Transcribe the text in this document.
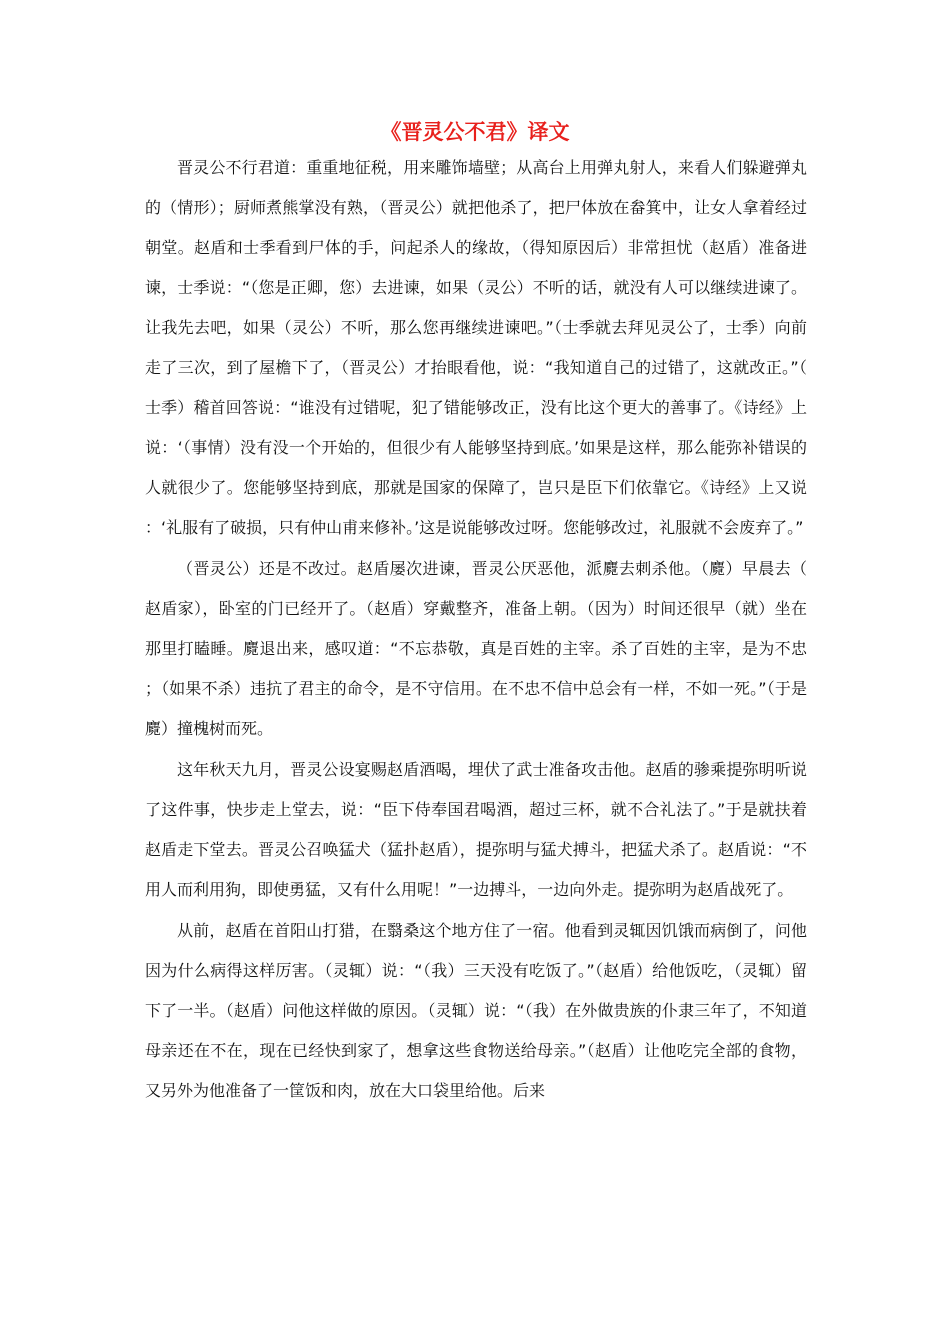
《晋灵公不君》译文

晋灵公不行君道：重重地征税，用来雕饰墙壁；从高台上用弹丸射人，来看人们躲避弹丸的（情形）；厨师煮熊掌没有熟，（晋灵公）就把他杀了，把尸体放在畚箕中，让女人拿着经过朝堂。赵盾和士季看到尸体的手，问起杀人的缘故，（得知原因后）非常担忧（赵盾）准备进谏，士季说：“（您是正卿，您）去进谏，如果（灵公）不听的话，就没有人可以继续进谏了。让我先去吧，如果（灵公）不听，那么您再继续进谏吧。”（士季就去拜见灵公了，士季）向前走了三次，到了屋檐下了，（晋灵公）才抬眼看他，说：“我知道自己的过错了，这就改正。”（士季）稽首回答说：“谁没有过错呢，犯了错能够改正，没有比这个更大的善事了。《诗经》上说：‘（事情）没有没一个开始的，但很少有人能够坚持到底。’如果是这样，那么能弥补错误的人就很少了。您能够坚持到底，那就是国家的保障了，岂只是臣下们依靠它。《诗经》上又说：‘礼服有了破损，只有仲山甫来修补。’这是说能够改过呀。您能够改过，礼服就不会废弃了。”

（晋灵公）还是不改过。赵盾屡次进谏，晋灵公厌恶他，派麑去刺杀他。（麑）早晨去（赵盾家），卧室的门已经开了。（赵盾）穿戴整齐，准备上朝。（因为）时间还很早（就）坐在那里打瞌睡。麑退出来，感叹道：“不忘恭敬，真是百姓的主宰。杀了百姓的主宰，是为不忠；（如果不杀）违抗了君主的命令，是不守信用。在不忠不信中总会有一样，不如一死。”（于是麑）撞槐树而死。

这年秋天九月，晋灵公设宴赐赵盾酒喝，埋伏了武士准备攻击他。赵盾的骖乘提弥明听说了这件事，快步走上堂去，说：“臣下侍奉国君喝酒，超过三杯，就不合礼法了。”于是就扶着赵盾走下堂去。晋灵公召唤猛犬（猛扑赵盾），提弥明与猛犬搏斗，把猛犬杀了。赵盾说：“不用人而利用狗，即使勇猛，又有什么用呢！”一边搏斗，一边向外走。提弥明为赵盾战死了。

从前，赵盾在首阳山打猎，在翳桑这个地方住了一宿。他看到灵辄因饥饿而病倒了，问他因为什么病得这样厉害。（灵辄）说：“（我）三天没有吃饭了。”（赵盾）给他饭吃，（灵辄）留下了一半。（赵盾）问他这样做的原因。（灵辄）说：“（我）在外做贵族的仆隶三年了，不知道母亲还在不在，现在已经快到家了，想拿这些食物送给母亲。”（赵盾）让他吃完全部的食物，又另外为他准备了一筐饭和肉，放在大口袋里给他。后来
